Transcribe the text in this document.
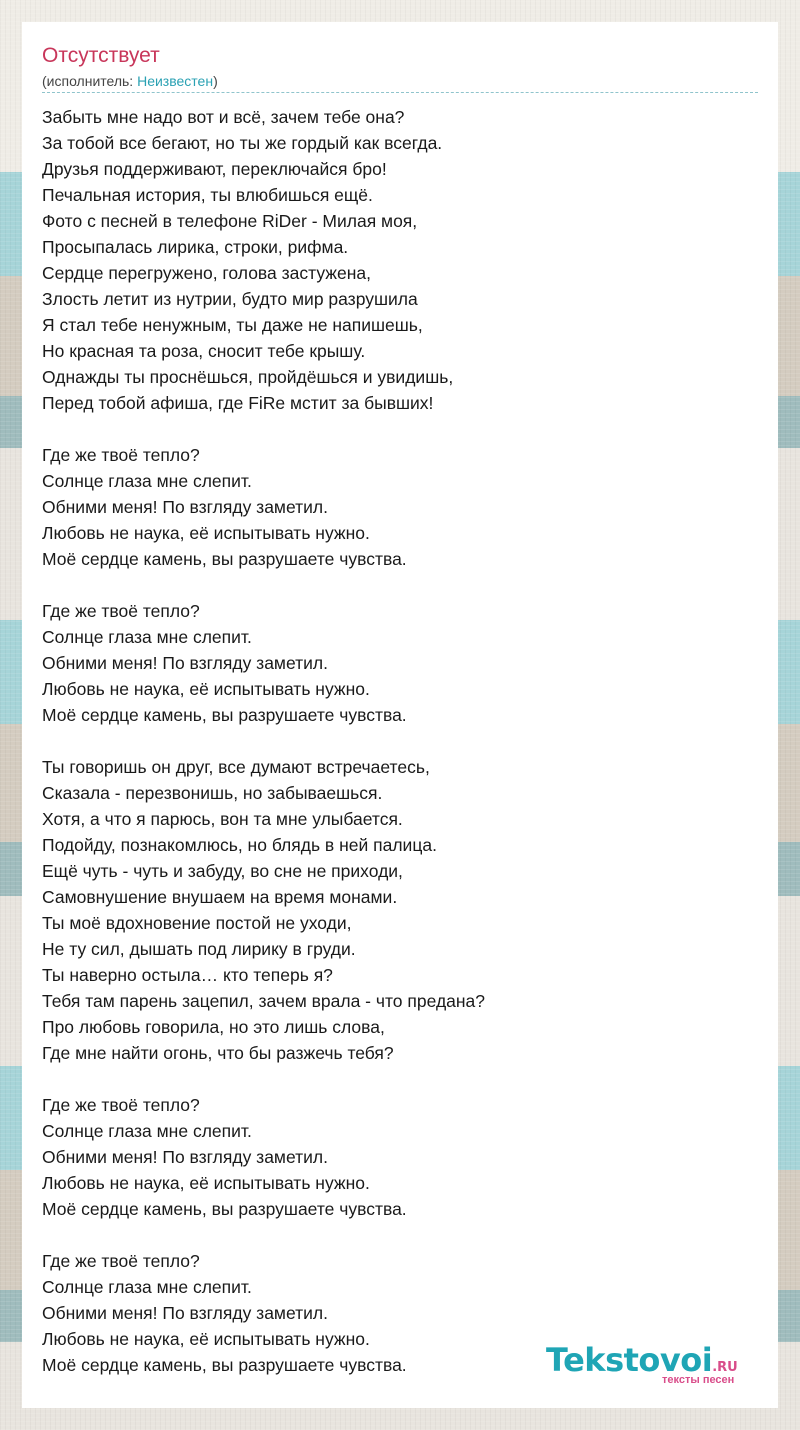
Отсутствует
(исполнитель: Неизвестен)
Забыть мне надо вот и всё, зачем тебе она?
За тобой все бегают, но ты же гордый как всегда.
Друзья поддерживают, переключайся бро!
Печальная история, ты влюбишься ещё.
Фото с песней в телефоне RiDer - Милая моя,
Просыпалась лирика, строки, рифма.
Сердце перегружено, голова застужена,
Злость летит из нутрии, будто мир разрушила
Я стал тебе ненужным, ты даже не напишешь,
Но красная та роза, сносит тебе крышу.
Однажды ты проснёшься, пройдёшься и увидишь,
Перед тобой афиша, где FiRe мстит за бывших!
Где же твоё тепло?
Солнце глаза мне слепит.
Обними меня! По взгляду заметил.
Любовь не наука, её испытывать нужно.
Моё сердце камень, вы разрушаете чувства.
Где же твоё тепло?
Солнце глаза мне слепит.
Обними меня! По взгляду заметил.
Любовь не наука, её испытывать нужно.
Моё сердце камень, вы разрушаете чувства.
Ты говоришь он друг, все думают встречаетесь,
Сказала - перезвонишь, но забываешься.
Хотя, а что я парюсь, вон та мне улыбается.
Подойду, познакомлюсь, но блядь в ней палица.
Ещё чуть - чуть и забуду, во сне не приходи,
Самовнушение внушаем на время монами.
Ты моё вдохновение постой не уходи,
Не ту сил, дышать под лирику в груди.
Ты наверно остыла… кто теперь я?
Тебя там парень зацепил, зачем врала - что предана?
Про любовь говорила, но это лишь слова,
Где мне найти огонь, что бы разжечь тебя?
Где же твоё тепло?
Солнце глаза мне слепит.
Обними меня! По взгляду заметил.
Любовь не наука, её испытывать нужно.
Моё сердце камень, вы разрушаете чувства.
Где же твоё тепло?
Солнце глаза мне слепит.
Обними меня! По взгляду заметил.
Любовь не наука, её испытывать нужно.
Моё сердце камень, вы разрушаете чувства.	Tekstovoi.RU
тексты песен
